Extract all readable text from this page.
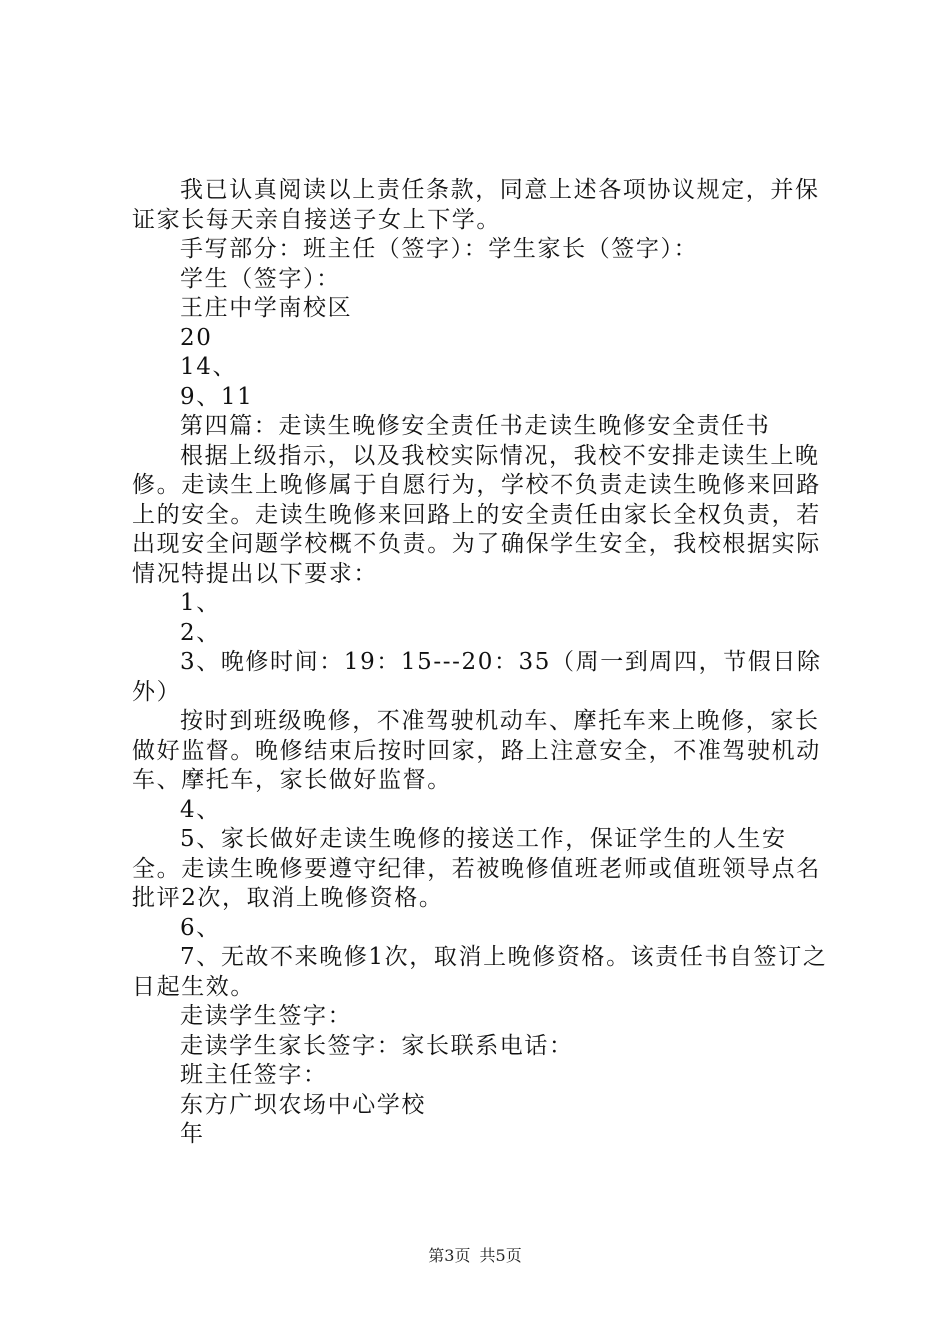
我已认真阅读以上责任条款，同意上述各项协议规定，并保证家长每天亲自接送子女上下学。

手写部分：班主任（签字）：学生家长（签字）：

学生（签字）：

王庄中学南校区

20

14、

9、11

第四篇：走读生晚修安全责任书走读生晚修安全责任书

根据上级指示，以及我校实际情况，我校不安排走读生上晚修。走读生上晚修属于自愿行为，学校不负责走读生晚修来回路上的安全。走读生晚修来回路上的安全责任由家长全权负责，若出现安全问题学校概不负责。为了确保学生安全，我校根据实际情况特提出以下要求：

1、

2、

3、晚修时间：19：15---20：35（周一到周四，节假日除外）

按时到班级晚修，不准驾驶机动车、摩托车来上晚修，家长做好监督。晚修结束后按时回家，路上注意安全，不准驾驶机动车、摩托车，家长做好监督。

4、

5、家长做好走读生晚修的接送工作，保证学生的人生安全。走读生晚修要遵守纪律，若被晚修值班老师或值班领导点名批评2次，取消上晚修资格。

6、

7、无故不来晚修1次，取消上晚修资格。该责任书自签订之日起生效。

走读学生签字：

走读学生家长签字：家长联系电话：

班主任签字：

东方广坝农场中心学校

年

第3页 共5页
